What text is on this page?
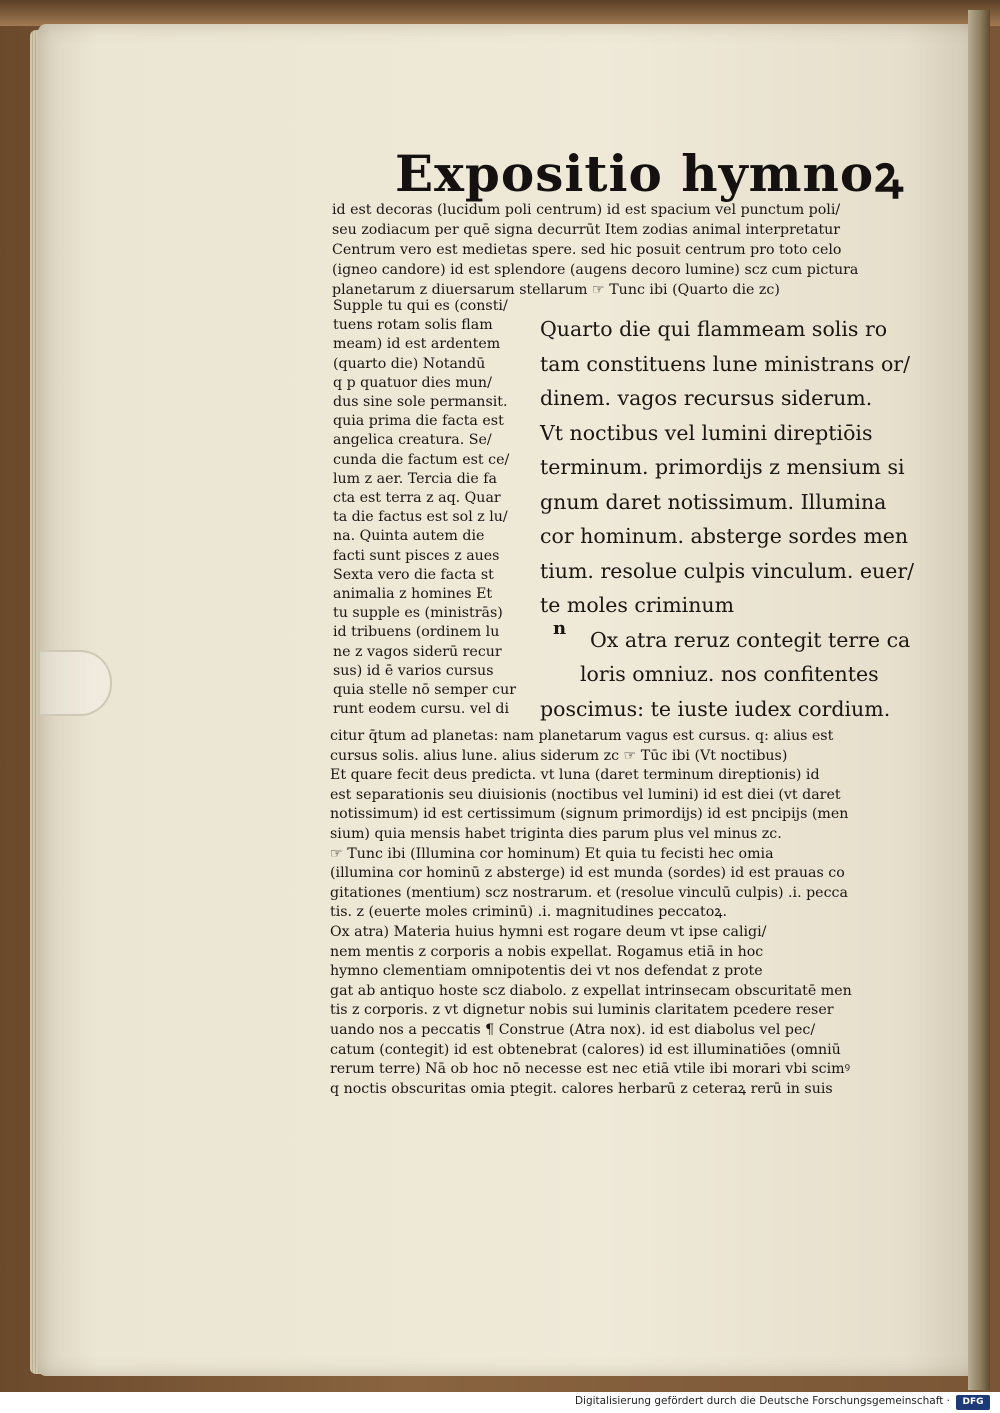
Expositio hymnoꝝ
id est decoras (lucidum poli centrum) id est spacium vel punctum poli/
seu zodiacum per quē signa decurrūt Item zodias animal interpretatur
Centrum vero est medietas spere. sed hic posuit centrum pro toto celo
(igneo candore) id est splendore (augens decoro lumine) scz cum pictura
planetarum z diuersarum stellarum ☞ Tunc ibi (Quarto die zc)
Supple tu qui es (consti/
tuens rotam solis flam
meam) id est ardentem
(quarto die) Notandū
q p quatuor dies mun/
dus sine sole permansit.
quia prima die facta est
angelica creatura. Se/
cunda die factum est ce/
lum z aer. Tercia die fa
cta est terra z aq. Quar
ta die factus est sol z lu/
na. Quinta autem die
facti sunt pisces z aues
Sexta vero die facta st
animalia z homines Et
tu supple es (ministrās)
id tribuens (ordinem lu
ne z vagos siderū recur
sus) id ē varios cursus
quia stelle nō semper cur
runt eodem cursu. vel di
Quarto die qui flammeam solis ro
tam constituens lune ministrans or/
dinem. vagos recursus siderum.
Vt noctibus vel lumini direptiōis
terminum. primordijs z mensium si
gnum daret notissimum. Illumina
cor hominum. absterge sordes men
tium. resolue culpis vinculum. euer/
te moles criminum
Ox atra reruz contegit terre ca
loris omniuz. nos confitentes
poscimus: te iuste iudex cordium.
n
citur q̄tum ad planetas: nam planetarum vagus est cursus. q: alius est
cursus solis. alius lune. alius siderum zc ☞ Tūc ibi (Vt noctibus)
Et quare fecit deus predicta. vt luna (daret terminum direptionis) id
est separationis seu diuisionis (noctibus vel lumini) id est diei (vt daret
notissimum) id est certissimum (signum primordijs) id est pncipijs (men
sium) quia mensis habet triginta dies parum plus vel minus zc.
☞ Tunc ibi (Illumina cor hominum) Et quia tu fecisti hec omia
(illumina cor hominū z absterge) id est munda (sordes) id est prauas co
gitationes (mentium) scz nostrarum. et (resolue vinculū culpis) .i. pecca
tis. z (euerte moles criminū) .i. magnitudines peccatoꝝ.
Ox atra) Materia huius hymni est rogare deum vt ipse caligi/
nem mentis z corporis a nobis expellat. Rogamus etiā in hoc
hymno clementiam omnipotentis dei vt nos defendat z prote
gat ab antiquo hoste scz diabolo. z expellat intrinsecam obscuritatē men
tis z corporis. z vt dignetur nobis sui luminis claritatem pcedere reser
uando nos a peccatis ¶ Construe (Atra nox). id est diabolus vel pec/
catum (contegit) id est obtenebrat (calores) id est illuminatiōes (omniū
rerum terre) Nā ob hoc nō necesse est nec etiā vtile ibi morari vbi scimꝰ
q noctis obscuritas omia ptegit. calores herbarū z ceteraꝝ rerū in suis
Digitalisierung gefördert durch die Deutsche Forschungsgemeinschaft ·	DFG
